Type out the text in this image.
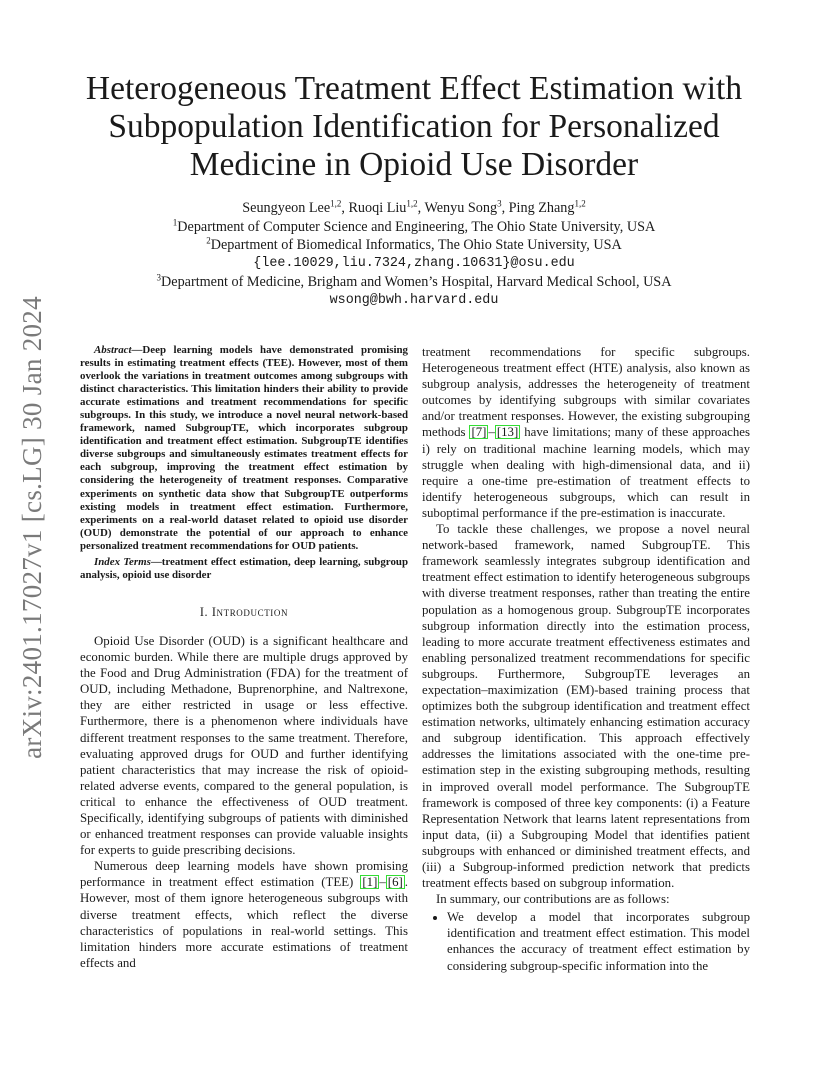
arXiv:2401.17027v1 [cs.LG] 30 Jan 2024
Heterogeneous Treatment Effect Estimation with
Subpopulation Identification for Personalized
Medicine in Opioid Use Disorder
Seungyeon Lee$^{1,2}$, Ruoqi Liu$^{1,2}$, Wenyu Song$^3$, Ping Zhang$^{1,2}$
$^1$Department of Computer Science and Engineering, The Ohio State University, USA
$^2$Department of Biomedical Informatics, The Ohio State University, USA
{lee.10029,liu.7324,zhang.10631}@osu.edu
$^3$Department of Medicine, Brigham and Women’s Hospital, Harvard Medical School, USA
wsong@bwh.harvard.edu

Abstract—Deep learning models have demonstrated promising results in estimating treatment effects (TEE). However, most of them overlook the variations in treatment outcomes among subgroups with distinct characteristics. This limitation hinders their ability to provide accurate estimations and treatment recommendations for specific subgroups. In this study, we introduce a novel neural network-based framework, named SubgroupTE, which incorporates subgroup identification and treatment effect estimation. SubgroupTE identifies diverse subgroups and simultaneously estimates treatment effects for each subgroup, improving the treatment effect estimation by considering the heterogeneity of treatment responses. Comparative experiments on synthetic data show that SubgroupTE outperforms existing models in treatment effect estimation. Furthermore, experiments on a real-world dataset related to opioid use disorder (OUD) demonstrate the potential of our approach to enhance personalized treatment recommendations for OUD patients.

Index Terms—treatment effect estimation, deep learning, subgroup analysis, opioid use disorder

I. Introduction

Opioid Use Disorder (OUD) is a significant healthcare and economic burden. While there are multiple drugs approved by the Food and Drug Administration (FDA) for the treatment of OUD, including Methadone, Buprenorphine, and Naltrexone, they are either restricted in usage or less effective. Furthermore, there is a phenomenon where individuals have different treatment responses to the same treatment. Therefore, evaluating approved drugs for OUD and further identifying patient characteristics that may increase the risk of opioid-related adverse events, compared to the general population, is critical to enhance the effectiveness of OUD treatment. Specifically, identifying subgroups of patients with diminished or enhanced treatment responses can provide valuable insights for experts to guide prescribing decisions.

Numerous deep learning models have shown promising performance in treatment effect estimation (TEE) [1] – [6] . However, most of them ignore heterogeneous subgroups with diverse treatment effects, which reflect the diverse characteristics of populations in real-world settings. This limitation hinders more accurate estimations of treatment effects and

treatment recommendations for specific subgroups. Heterogeneous treatment effect (HTE) analysis, also known as subgroup analysis, addresses the heterogeneity of treatment outcomes by identifying subgroups with similar covariates and/or treatment responses. However, the existing subgrouping methods [7] – [13] have limitations; many of these approaches i) rely on traditional machine learning models, which may struggle when dealing with high-dimensional data, and ii) require a one-time pre-estimation of treatment effects to identify heterogeneous subgroups, which can result in suboptimal performance if the pre-estimation is inaccurate.

To tackle these challenges, we propose a novel neural network-based framework, named SubgroupTE. This framework seamlessly integrates subgroup identification and treatment effect estimation to identify heterogeneous subgroups with diverse treatment responses, rather than treating the entire population as a homogenous group. SubgroupTE incorporates subgroup information directly into the estimation process, leading to more accurate treatment effectiveness estimates and enabling personalized treatment recommendations for specific subgroups. Furthermore, SubgroupTE leverages an expectation–maximization (EM)-based training process that optimizes both the subgroup identification and treatment effect estimation networks, ultimately enhancing estimation accuracy and subgroup identification. This approach effectively addresses the limitations associated with the one-time pre-estimation step in the existing subgrouping methods, resulting in improved overall model performance. The SubgroupTE framework is composed of three key components: (i) a Feature Representation Network that learns latent representations from input data, (ii) a Subgrouping Model that identifies patient subgroups with enhanced or diminished treatment effects, and (iii) a Subgroup-informed prediction network that predicts treatment effects based on subgroup information.

In summary, our contributions are as follows:

• We develop a model that incorporates subgroup identification and treatment effect estimation. This model enhances the accuracy of treatment effect estimation by considering subgroup-specific information into the
